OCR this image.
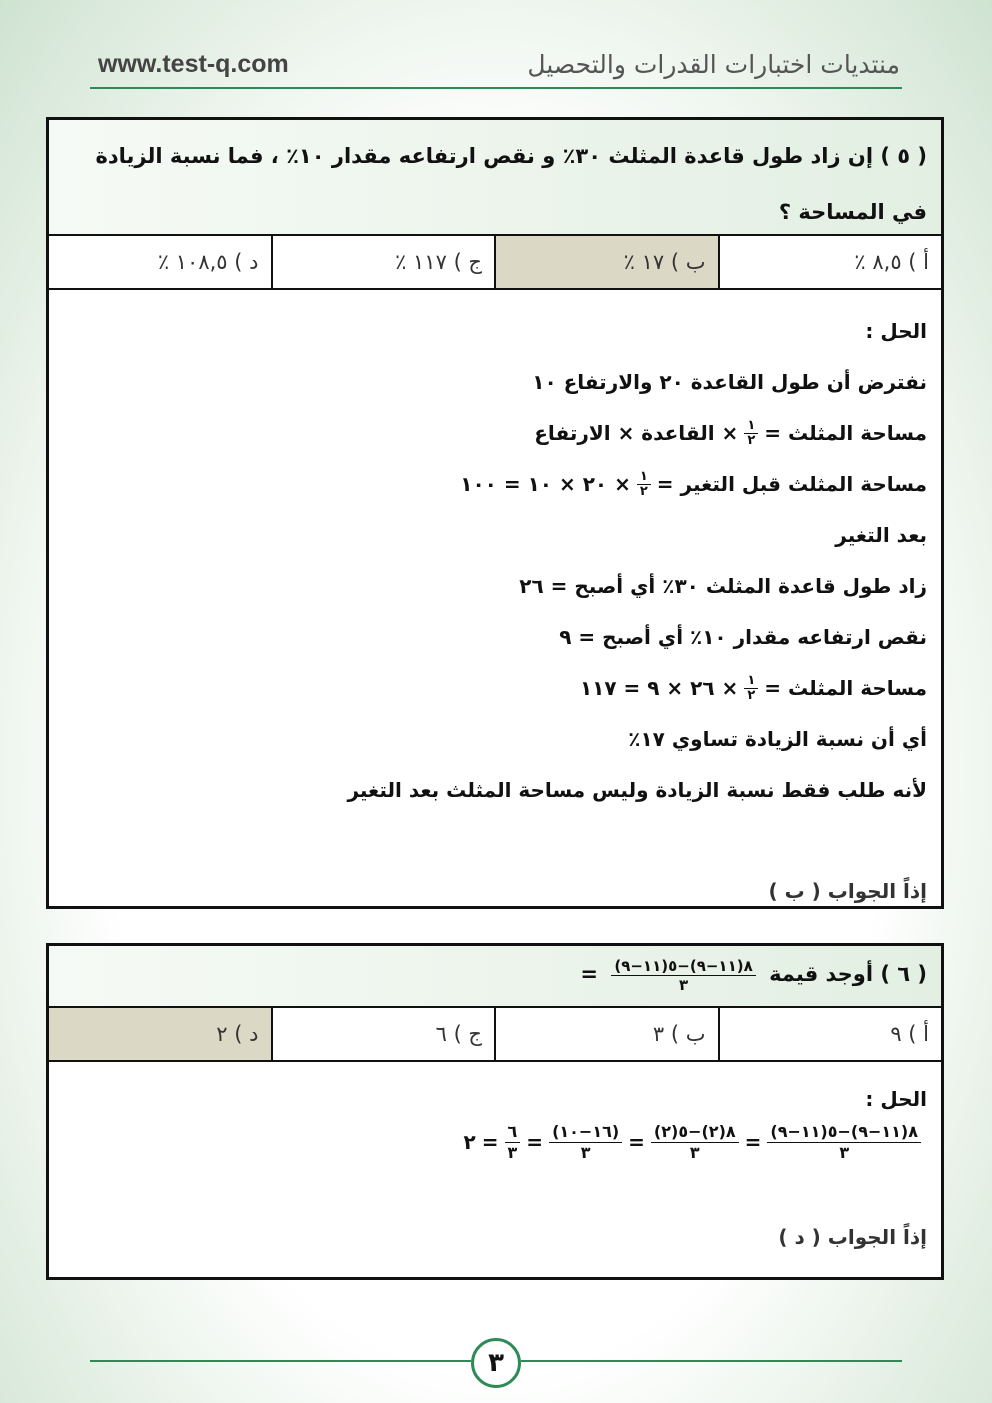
www.test-q.com	منتديات اختبارات القدرات والتحصيل
( ٥ ) إن زاد طول قاعدة المثلث ٣٠٪ و نقص ارتفاعه مقدار ١٠٪ ، فما نسبة الزيادة في المساحة ؟
أ ) ٨,٥ ٪
ب ) ١٧ ٪
ج ) ١١٧ ٪
د ) ١٠٨,٥ ٪
الحل :
نفترض أن طول القاعدة ٢٠ والارتفاع ١٠
مساحة المثلث =
$\frac{١}{٢}$
× القاعدة × الارتفاع
مساحة المثلث قبل التغير =
$\frac{١}{٢}$
× ٢٠ × ١٠ = ١٠٠
بعد التغير
زاد طول قاعدة المثلث ٣٠٪ أي أصبح = ٢٦
نقص ارتفاعه مقدار ١٠٪ أي أصبح = ٩
مساحة المثلث =
$\frac{١}{٢}$
× ٢٦ × ٩ = ١١٧
أي أن نسبة الزيادة تساوي ١٧٪
لأنه طلب فقط نسبة الزيادة وليس مساحة المثلث بعد التغير
إذاً الجواب ( ب )
( ٦ ) أوجد قيمة
$\frac{٨(١١-٩)-٥(١١-٩)}{٣}$
=
أ ) ٩
ب ) ٣
ج ) ٦
د ) ٢
الحل :
$\frac{٨(١١-٩)-٥(١١-٩)}{٣}$
=
$\frac{٨(٢)-٥(٢)}{٣}$
=
$\frac{(١٦-١٠)}{٣}$
=
$\frac{٦}{٣}$
=
٢
إذاً الجواب ( د )
٣
